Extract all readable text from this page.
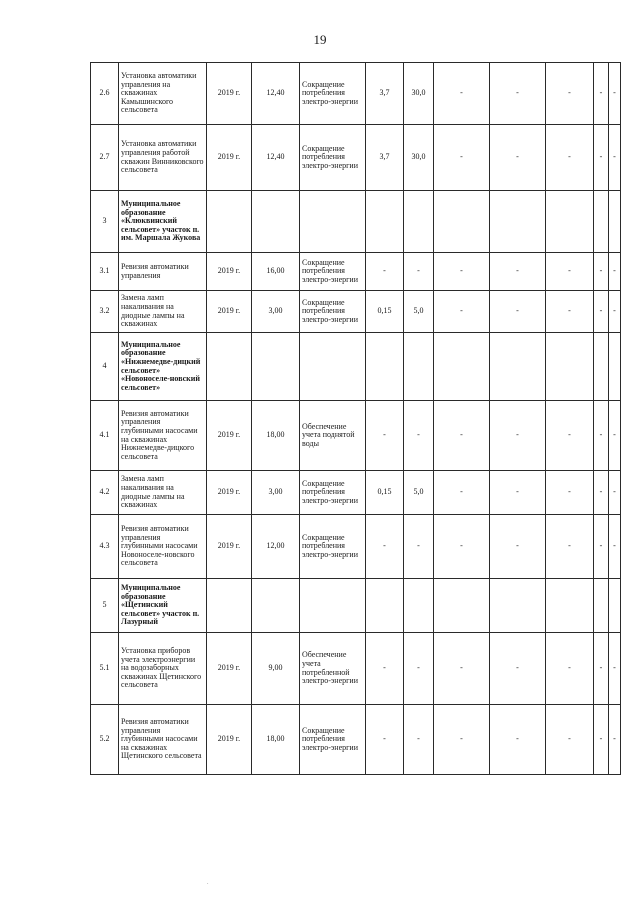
19
2.6	Установка автоматики управления на скважинах Камышинского сельсовета	2019 г.	12,40	Сокращение потребления электро-энергии	3,7	30,0	-	-	-	-	-
2.7	Установка автоматики управления работой скважин Винниковского сельсовета	2019 г.	12,40	Сокращение потребления электро-энергии	3,7	30,0	-	-	-	-	-
3	Муниципальное образование «Клюквинский сельсовет» участок п. им. Маршала Жукова										
3.1	Ревизия автоматики управления	2019 г.	16,00	Сокращение потребления электро-энергии	-	-	-	-	-	-	-
3.2	Замена ламп накаливания на диодные лампы на скважинах	2019 г.	3,00	Сокращение потребления электро-энергии	0,15	5,0	-	-	-	-	-
4	Муниципальное образование «Нижнемедве-дицкий сельсовет» «Новоноселе-новский сельсовет»										
4.1	Ревизия автоматики управления глубинными насосами на скважинах Нижнемедве-дицкого сельсовета	2019 г.	18,00	Обеспечение учета поднятой воды	-	-	-	-	-	-	-
4.2	Замена ламп накаливания на диодные лампы на скважинах	2019 г.	3,00	Сокращение потребления электро-энергии	0,15	5,0	-	-	-	-	-
4.3	Ревизия автоматики управления глубинными насосами Новоноселе-новского сельсовета	2019 г.	12,00	Сокращение потребления электро-энергии	-	-	-	-	-	-	-
5	Муниципальное образование «Щетинский сельсовет» участок п. Лазурный										
5.1	Установка приборов учета электроэнергии на водозаборных скважинах Щетинского сельсовета	2019 г.	9,00	Обеспечение учета потребленной электро-энергии	-	-	-	-	-	-	-
5.2	Ревизия автоматики управления глубинными насосами на скважинах Щетинского сельсовета	2019 г.	18,00	Сокращение потребления электро-энергии	-	-	-	-	-	-	-
.
